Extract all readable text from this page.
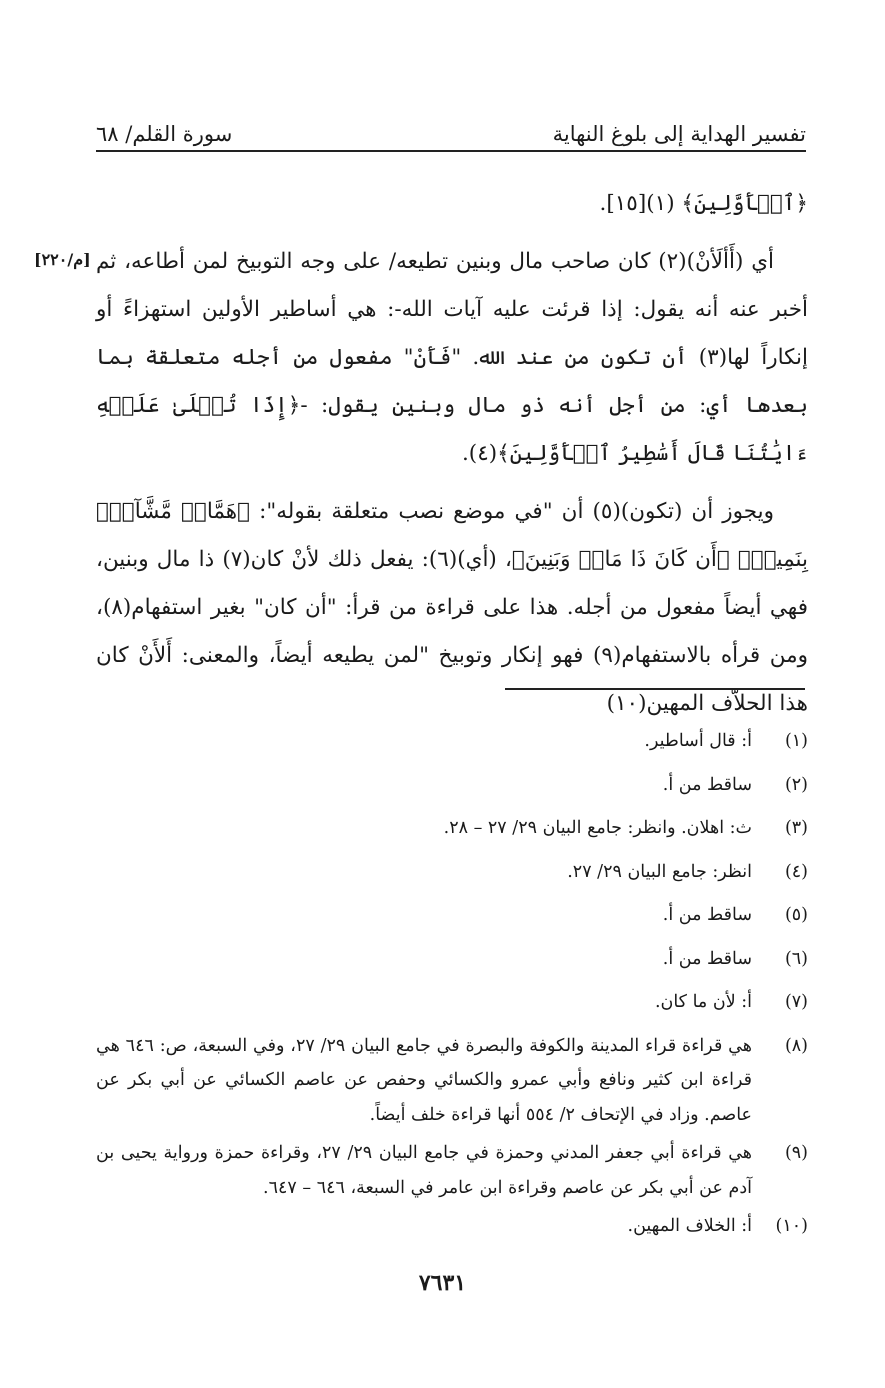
تفسير الهداية إلى بلوغ النهاية
سورة القلم/ ٦٨
[م/٢٢٠]

﴿ٱلۡأَوَّلِينَ﴾ (١)[١٥].

أي (أَألَأنْ)(٢) كان صاحب مال وبنين تطيعه/ على وجه التوبيخ لمن أطاعه، ثم أخبر عنه أنه يقول: إذا قرئت عليه آيات الله-: هي أساطير الأولين استهزاءً أو إنكاراً لها(٣) أن تكون من عند الله. "فَأَنْ" مفعول من أجله متعلقة بما بعدها أي: من أجل أنه ذو مال وبنين يقول: -﴿إِذَا تُتۡلَىٰ عَلَيۡهِ ءَايَٰتُنَا قَالَ أَسَٰطِيرُ ٱلۡأَوَّلِينَ﴾(٤).

ويجوز أن (تكون)(٥) أن "في موضع نصب متعلقة بقوله": ﴿هَمَّازٖ مَّشَّآءِۭ بِنَمِيمٖ﴾ ﴿أَن كَانَ ذَا مَالٖ وَبَنِينَ﴾، (أي)(٦): يفعل ذلك لأنْ كان(٧) ذا مال وبنين، فهي أيضاً مفعول من أجله. هذا على قراءة من قرأ: "أن كان" بغير استفهام(٨)، ومن قرأه بالاستفهام(٩) فهو إنكار وتوبيخ "لمن يطيعه أيضاً، والمعنى: أَلأَنْ كان هذا الحلاّف المهين(١٠)

(١)
أ: قال أساطير.
(٢)
ساقط من أ.
(٣)
ث: اهلان. وانظر: جامع البيان ٢٩/ ٢٧ – ٢٨.
(٤)
انظر: جامع البيان ٢٩/ ٢٧.
(٥)
ساقط من أ.
(٦)
ساقط من أ.
(٧)
أ: لأن ما كان.
(٨)
هي قراءة قراء المدينة والكوفة والبصرة في جامع البيان ٢٩/ ٢٧، وفي السبعة، ص: ٦٤٦ هي قراءة ابن كثير ونافع وأبي عمرو والكسائي وحفص عن عاصم الكسائي عن أبي بكر عن عاصم. وزاد في الإتحاف ٢/ ٥٥٤ أنها قراءة خلف أيضاً.
(٩)
هي قراءة أبي جعفر المدني وحمزة في جامع البيان ٢٩/ ٢٧، وقراءة حمزة ورواية يحيى بن آدم عن أبي بكر عن عاصم وقراءة ابن عامر في السبعة، ٦٤٦ – ٦٤٧.
(١٠)
أ: الخلاف المهين.
٧٦٣١
